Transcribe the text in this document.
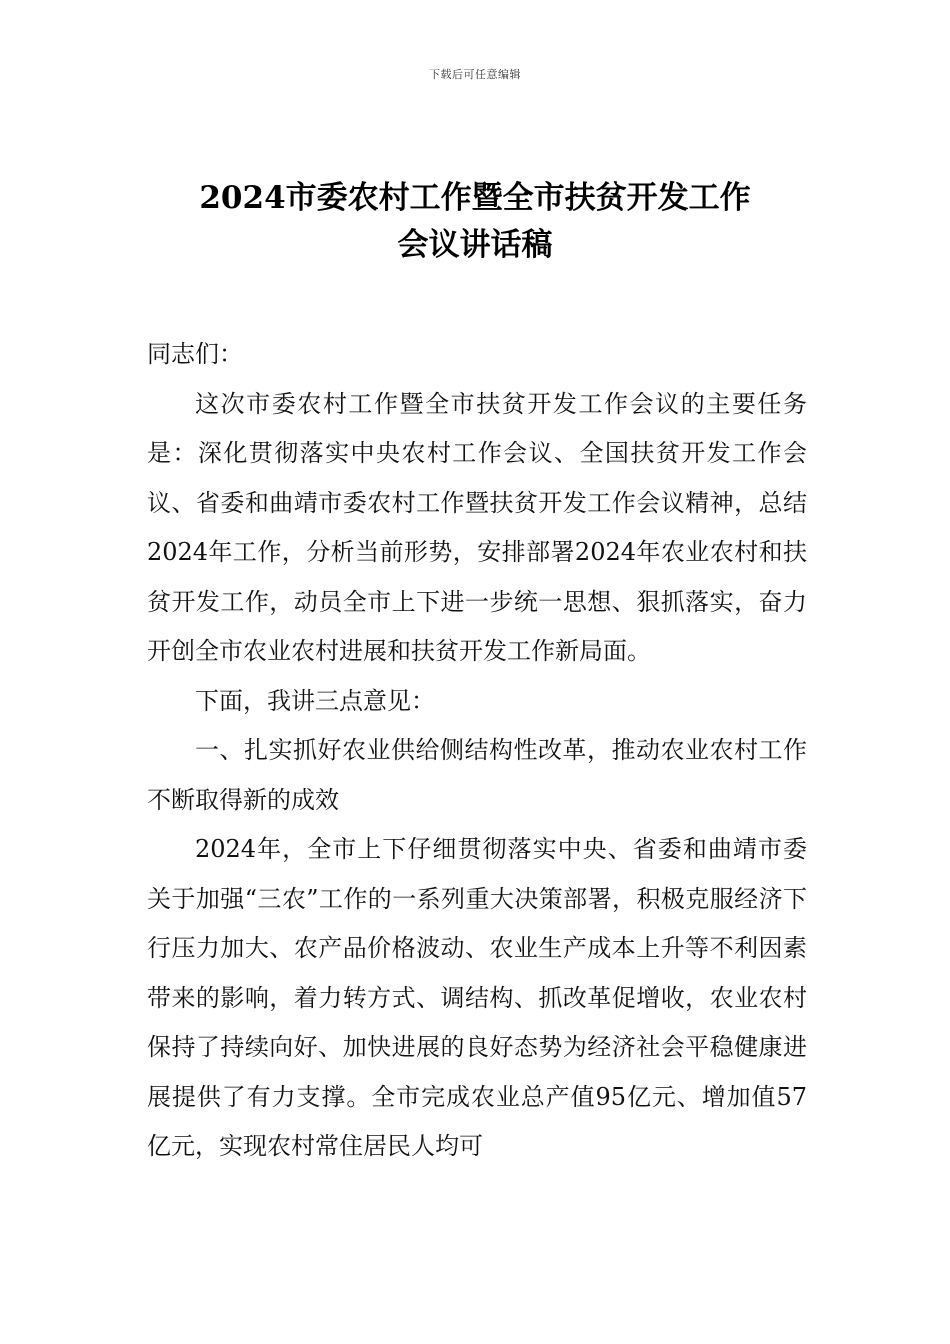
下载后可任意编辑
2024市委农村工作暨全市扶贫开发工作
会议讲话稿

同志们：

这次市委农村工作暨全市扶贫开发工作会议的主要任务是：深化贯彻落实中央农村工作会议、全国扶贫开发工作会议、省委和曲靖市委农村工作暨扶贫开发工作会议精神，总结2024年工作，分析当前形势，安排部署2024年农业农村和扶贫开发工作，动员全市上下进一步统一思想、狠抓落实，奋力开创全市农业农村进展和扶贫开发工作新局面。

下面，我讲三点意见：

一、扎实抓好农业供给侧结构性改革，推动农业农村工作不断取得新的成效

2024年，全市上下仔细贯彻落实中央、省委和曲靖市委关于加强“三农”工作的一系列重大决策部署，积极克服经济下行压力加大、农产品价格波动、农业生产成本上升等不利因素带来的影响，着力转方式、调结构、抓改革促增收，农业农村保持了持续向好、加快进展的良好态势为经济社会平稳健康进展提供了有力支撑。全市完成农业总产值95亿元、增加值57亿元，实现农村常住居民人均可
